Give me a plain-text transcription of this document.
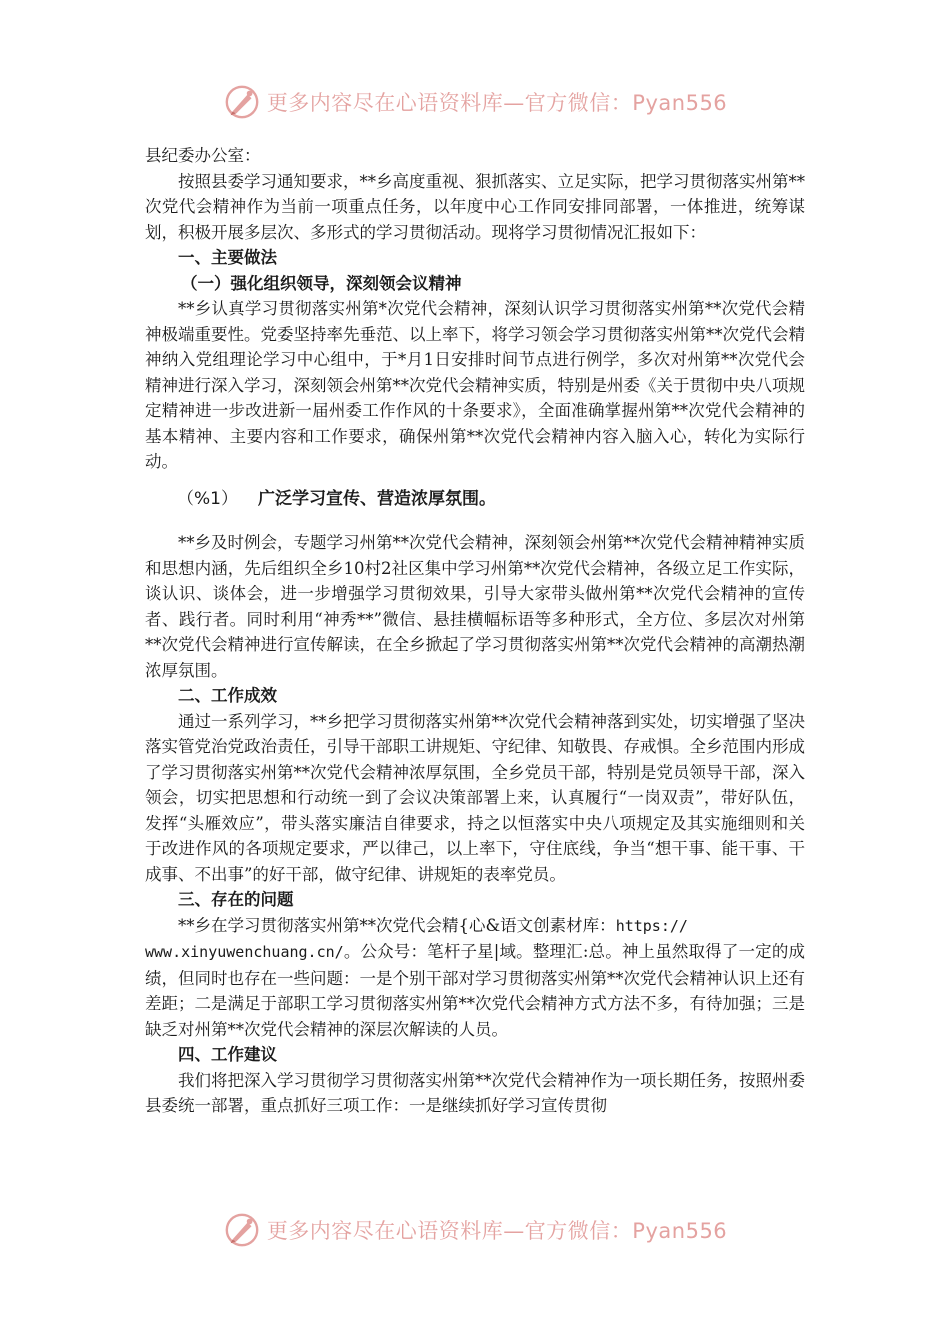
更多内容尽在心语资料库—官方微信：Pyan556

县纪委办公室：

按照县委学习通知要求，**乡高度重视、狠抓落实、立足实际，把学习贯彻落实州第**次党代会精神作为当前一项重点任务，以年度中心工作同安排同部署，一体推进，统筹谋划，积极开展多层次、多形式的学习贯彻活动。现将学习贯彻情况汇报如下：

一、主要做法

（一）强化组织领导，深刻领会议精神

**乡认真学习贯彻落实州第*次党代会精神，深刻认识学习贯彻落实州第**次党代会精神极端重要性。党委坚持率先垂范、以上率下，将学习领会学习贯彻落实州第**次党代会精神纳入党组理论学习中心组中，于*月1日安排时间节点进行例学，多次对州第**次党代会精神进行深入学习，深刻领会州第**次党代会精神实质，特别是州委《关于贯彻中央八项规定精神进一步改进新一届州委工作作风的十条要求》，全面准确掌握州第**次党代会精神的基本精神、主要内容和工作要求，确保州第**次党代会精神内容入脑入心，转化为实际行动。

（%1） 广泛学习宣传、营造浓厚氛围。

**乡及时例会，专题学习州第**次党代会精神，深刻领会州第**次党代会精神精神实质和思想内涵，先后组织全乡10村2社区集中学习州第**次党代会精神，各级立足工作实际，谈认识、谈体会，进一步增强学习贯彻效果，引导大家带头做州第**次党代会精神的宣传者、践行者。同时利用“神秀**”微信、悬挂横幅标语等多种形式，全方位、多层次对州第**次党代会精神进行宣传解读，在全乡掀起了学习贯彻落实州第**次党代会精神的高潮热潮浓厚氛围。

二、工作成效

通过一系列学习，**乡把学习贯彻落实州第**次党代会精神落到实处，切实增强了坚决落实管党治党政治责任，引导干部职工讲规矩、守纪律、知敬畏、存戒惧。全乡范围内形成了学习贯彻落实州第**次党代会精神浓厚氛围，全乡党员干部，特别是党员领导干部，深入领会，切实把思想和行动统一到了会议决策部署上来，认真履行“一岗双责”，带好队伍，发挥“头雁效应”，带头落实廉洁自律要求，持之以恒落实中央八项规定及其实施细则和关于改进作风的各项规定要求，严以律己，以上率下，守住底线，争当“想干事、能干事、干成事、不出事”的好干部，做守纪律、讲规矩的表率党员。

三、存在的问题

**乡在学习贯彻落实州第**次党代会精{心&语文创素材库：https://
www.xinyuwenchuang.cn/。公众号：笔杆子星|域。整理汇:总。神上虽然取得了一定的成绩，但同时也存在一些问题：一是个别干部对学习贯彻落实州第**次党代会精神认识上还有差距；二是满足于部职工学习贯彻落实州第**次党代会精神方式方法不多，有待加强；三是缺乏对州第**次党代会精神的深层次解读的人员。

四、工作建议

我们将把深入学习贯彻学习贯彻落实州第**次党代会精神作为一项长期任务，按照州委县委统一部署，重点抓好三项工作：一是继续抓好学习宣传贯彻

更多内容尽在心语资料库—官方微信：Pyan556
